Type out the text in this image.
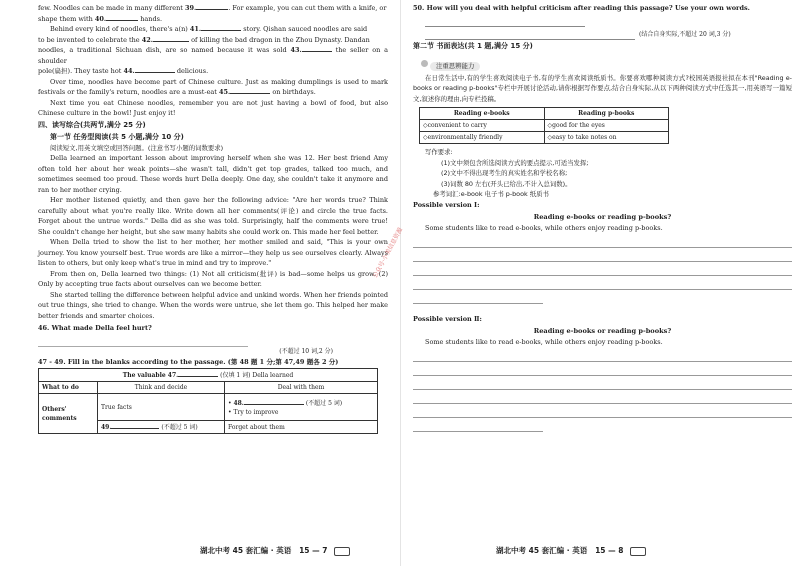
few. Noodles can be made in many different 39.	. For example, you can cut them with a knife, or

shape them with 40.	hands.

Behind every kind of noodles, there's a(n) 41.	story. Qishan sauced noodles are said

to be invented to celebrate the 42.	of killing the bad dragon in the Zhou Dynasty. Dandan

noodles, a traditional Sichuan dish, are so named because it was sold 43.	the seller on a shoulder

pole(扁担). They taste hot 44.	delicious.

Over time, noodles have become part of Chinese culture. Just as making dumplings is used to mark festivals or the family's return, noodles are a must-eat 45.	on birthdays.

Next time you eat Chinese noodles, remember you are not just having a bowl of food, but also Chinese culture in the bowl! Just enjoy it!

四、读写综合(共两节,满分 25 分)

第一节 任务型阅读(共 5 小题,满分 10 分)

阅读短文,用英文填空或回答问题。(注意书写小题的词数要求)

Della learned an important lesson about improving herself when she was 12. Her best friend Amy often told her about her weak points—she wasn't tall, didn't get top grades, talked too much, and sometimes seemed too proud. These words hurt Della deeply. One day, she couldn't take it anymore and ran to her mother crying.

Her mother listened quietly, and then gave her the following advice: "Are her words true? Think carefully about what you're really like. Write down all her comments(评论) and circle the true facts. Forget about the untrue words." Della did as she was told. Surprisingly, half the comments were true! She couldn't change her height, but she saw many habits she could work on. This made her feel better.

When Della tried to show the list to her mother, her mother smiled and said, "This is your own journey. You know yourself best. True words are like a mirror—they help us see ourselves clearly. Always listen to others, but only keep what's true in mind and try to improve."

From then on, Della learned two things: (1) Not all criticism(批评) is bad—some helps us grow. (2) Only by accepting true facts about ourselves can we become better.

She started telling the difference between helpful advice and unkind words. When her friends pointed out true things, she tried to change. When the words were untrue, she let them go. This helped her make better friends and smarter choices.

46. What made Della feel hurt?

(不超过 10 词,2 分)

47 - 49. Fill in the blanks according to the passage. (第 48 题 1 分;第 47,49 题各 2 分)

The valuable 47. (仅填 1 词) Della learned		
What to do	Think and decide	Deal with them
Others' comments	True facts	• 48. (不超过 5 词)
• Try to improve

	49. (不超过 5 词)	Forget about them
湖北中考 45 套汇编 · 英语 15 — 7

50. How will you deal with helpful criticism after reading this passage? Use your own words.

(结合自身实际,不超过 20 词,3 分)

第二节 书面表达(共 1 题,满分 15 分)

注重思辨能力

在日常生活中,有的学生喜欢阅读电子书,有的学生喜欢阅读纸质书。你要喜欢哪种阅读方式?校园英语报社拟在本刊"Reading e-books or reading p-books"专栏中开展讨论活动,请你根据写作要点,结合自身实际,从以下两种阅读方式中任选其一,用英语写一篇短文,叙述你的理由,向专栏投稿。

Reading e-books	Reading p-books
◇convenient to carry	◇good for the eyes
◇environmentally friendly	◇easy to take notes on

写作要求:

(1)文中须包含所选阅读方式的要点提示,可适当发挥;

(2)文中不得出现考生的真实姓名和学校名称;

(3)词数 80 左右(开头已给出,不计入总词数)。

参考词汇:e-book 电子书 p-book 纸质书

Possible version Ⅰ:

Reading e-books or reading p-books?

Some students like to read e-books, while others enjoy reading p-books.

Possible version Ⅱ:

Reading e-books or reading p-books?

Some students like to read e-books, while others enjoy reading p-books.

湖北中考 45 套汇编 · 英语 15 — 8
公众号·小美信息资源
